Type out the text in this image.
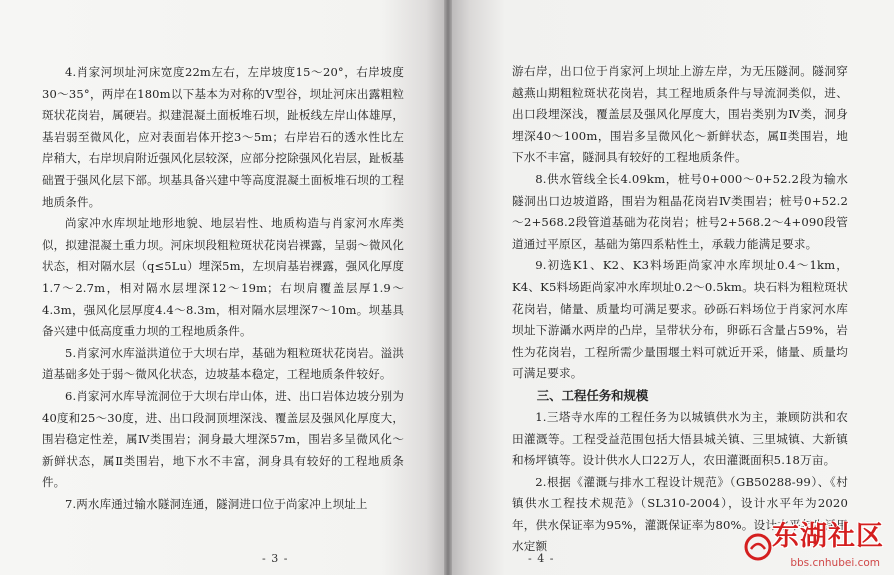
4.肖家河坝址河床宽度22m左右，左岸坡度15～20°，右岸坡度30～35°，两岸在180m以下基本为对称的V型谷，坝址河床出露粗粒斑状花岗岩，属硬岩。拟建混凝土面板堆石坝，趾板线左岸山体雄厚，基岩弱至微风化，应对表面岩体开挖3～5m；右岸岩石的透水性比左岸稍大，右岸坝肩附近强风化层较深，应部分挖除强风化岩层，趾板基础置于强风化层下部。坝基具备兴建中等高度混凝土面板堆石坝的工程地质条件。

尚家冲水库坝址地形地貌、地层岩性、地质构造与肖家河水库类似，拟建混凝土重力坝。河床坝段粗粒斑状花岗岩裸露，呈弱～微风化状态，相对隔水层（q≤5Lu）埋深5m，左坝肩基岩裸露，强风化厚度1.7～2.7m，相对隔水层埋深12～19m；右坝肩覆盖层厚1.9～4.3m，强风化层厚度4.4～8.3m，相对隔水层埋深7～10m。坝基具备兴建中低高度重力坝的工程地质条件。

5.肖家河水库溢洪道位于大坝右岸，基础为粗粒斑状花岗岩。溢洪道基础多处于弱～微风化状态，边坡基本稳定，工程地质条件较好。

6.肖家河水库导流洞位于大坝右岸山体，进、出口岩体边坡分别为40度和25～30度，进、出口段洞顶埋深浅、覆盖层及强风化厚度大，围岩稳定性差，属Ⅳ类围岩；洞身最大埋深57m，围岩多呈微风化～新鲜状态，属Ⅱ类围岩，地下水不丰富，洞身具有较好的工程地质条件。

7.两水库通过输水隧洞连通，隧洞进口位于尚家冲上坝址上

- 3 -

游右岸，出口位于肖家河上坝址上游左岸，为无压隧洞。隧洞穿越燕山期粗粒斑状花岗岩，其工程地质条件与导流洞类似，进、出口段埋深浅，覆盖层及强风化厚度大，围岩类别为Ⅳ类，洞身埋深40～100m，围岩多呈微风化～新鲜状态，属Ⅱ类围岩，地下水不丰富，隧洞具有较好的工程地质条件。

8.供水管线全长4.09km，桩号0+000～0+52.2段为输水隧洞出口边坡道路，围岩为粗晶花岗岩Ⅳ类围岩；桩号0+52.2～2+568.2段管道基础为花岗岩；桩号2+568.2～4+090段管道通过平原区，基础为第四系粘性土，承载力能满足要求。

9.初选K1、K2、K3料场距尚家冲水库坝址0.4～1km，K4、K5料场距尚家冲水库坝址0.2～0.5km。块石料为粗粒斑状花岗岩，储量、质量均可满足要求。砂砾石料场位于肖家河水库坝址下游灄水两岸的凸岸，呈带状分布，卵砾石含量占59%，岩性为花岗岩，工程所需少量围堰土料可就近开采，储量、质量均可满足要求。

三、工程任务和规模

1.三塔寺水库的工程任务为以城镇供水为主，兼顾防洪和农田灌溉等。工程受益范围包括大悟县城关镇、三里城镇、大新镇和杨坪镇等。设计供水人口22万人，农田灌溉面积5.18万亩。

2.根据《灌溉与排水工程设计规范》（GB50288-99）、《村镇供水工程技术规范》（SL310-2004），设计水平年为2020年，供水保证率为95%，灌溉保证率为80%。设计水平年生活用水定额

- 4 -
东湖社区
bbs.cnhubei.com
